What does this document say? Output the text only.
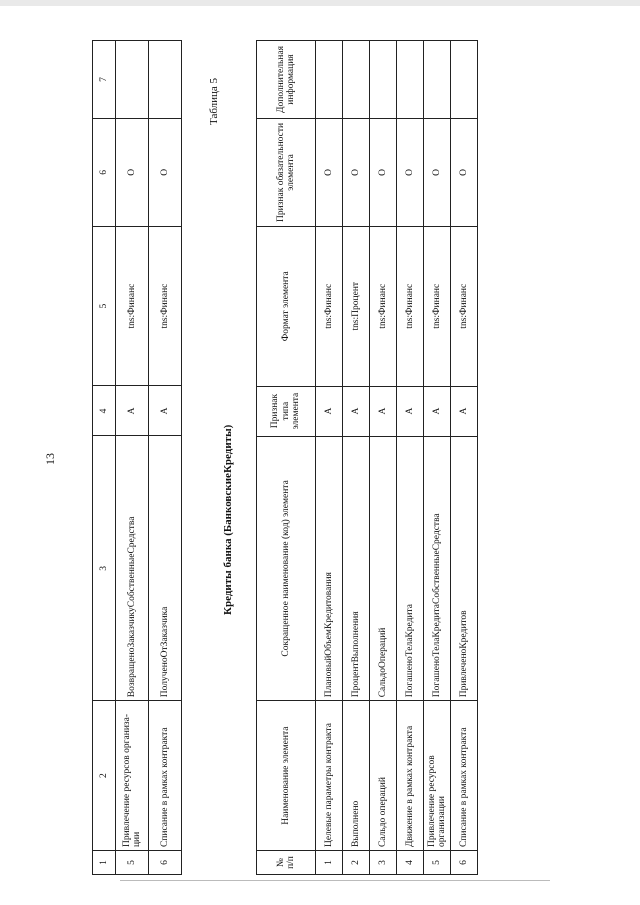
13
1	2	3	4	5	6	7
5	Привлечение ресурсов организа-ции	ВозвращеноЗаказчикуСобственныеСредства	А	tns:Финанс	О	
6	Списание в рамках контракта	ПолученоОтЗаказчика	А	tns:Финанс	О	
Таблица 5
Кредиты банка (БанковскиеКредиты)
№ п/п	Наименование элемента	Сокращенное наименование (код) элемента	Признак типа элемента	Формат элемента	Признак обязательности элемента	Дополнительная информация
1	Целевые параметры контракта	ПлановыйОбъемКредитования	А	tns:Финанс	О	
2	Выполнено	ПроцентВыполнения	А	tns:Процент	О	
3	Сальдо операций	СальдоОпераций	А	tns:Финанс	О	
4	Движение в рамках контракта	ПогашеноТелаКредита	А	tns:Финанс	О	
5	Привлечение ресурсов организации	ПогашеноТелаКредитаСобственныеСредства	А	tns:Финанс	О	
6	Списание в рамках контракта	ПривлеченоКредитов	А	tns:Финанс	О	
